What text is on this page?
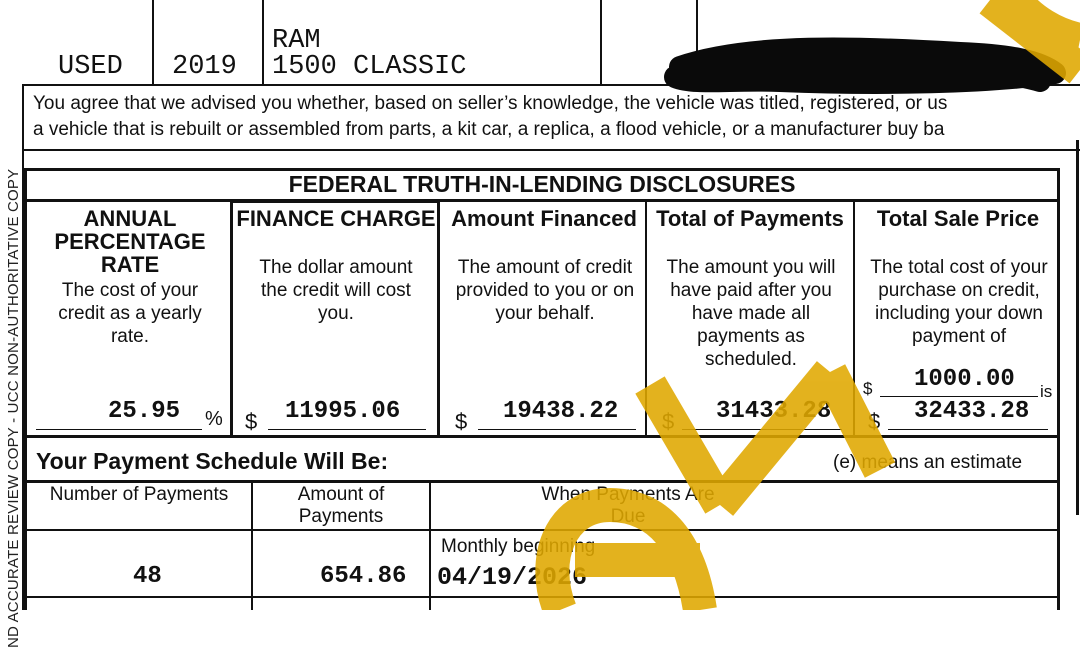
ND ACCURATE REVIEW COPY - UCC NON-AUTHORITATIVE COPY
USED 2019
RAM
1500 CLASSIC
You agree that we advised you whether, based on seller’s knowledge, the vehicle was titled, registered, or us
a vehicle that is rebuilt or assembled from parts, a kit car, a replica, a flood vehicle, or a manufacturer buy ba
FEDERAL TRUTH-IN-LENDING DISCLOSURES
ANNUAL PERCENTAGE RATE
The cost of your credit as a yearly rate.
25.95 %
FINANCE CHARGE
The dollar amount the credit will cost you.
$ 11995.06
Amount Financed
The amount of credit provided to you or on your behalf.
$ 19438.22
Total of Payments
The amount you will have paid after you have made all payments as scheduled.
$ 31433.28
Total Sale Price
The total cost of your purchase on credit, including your down payment of
$ 1000.00 is
$ 32433.28
Your Payment Schedule Will Be:	(e) means an estimate
Number of Payments	Amount of Payments
When Payments Are Due
48	654.86
Monthly beginning
04/19/2026
